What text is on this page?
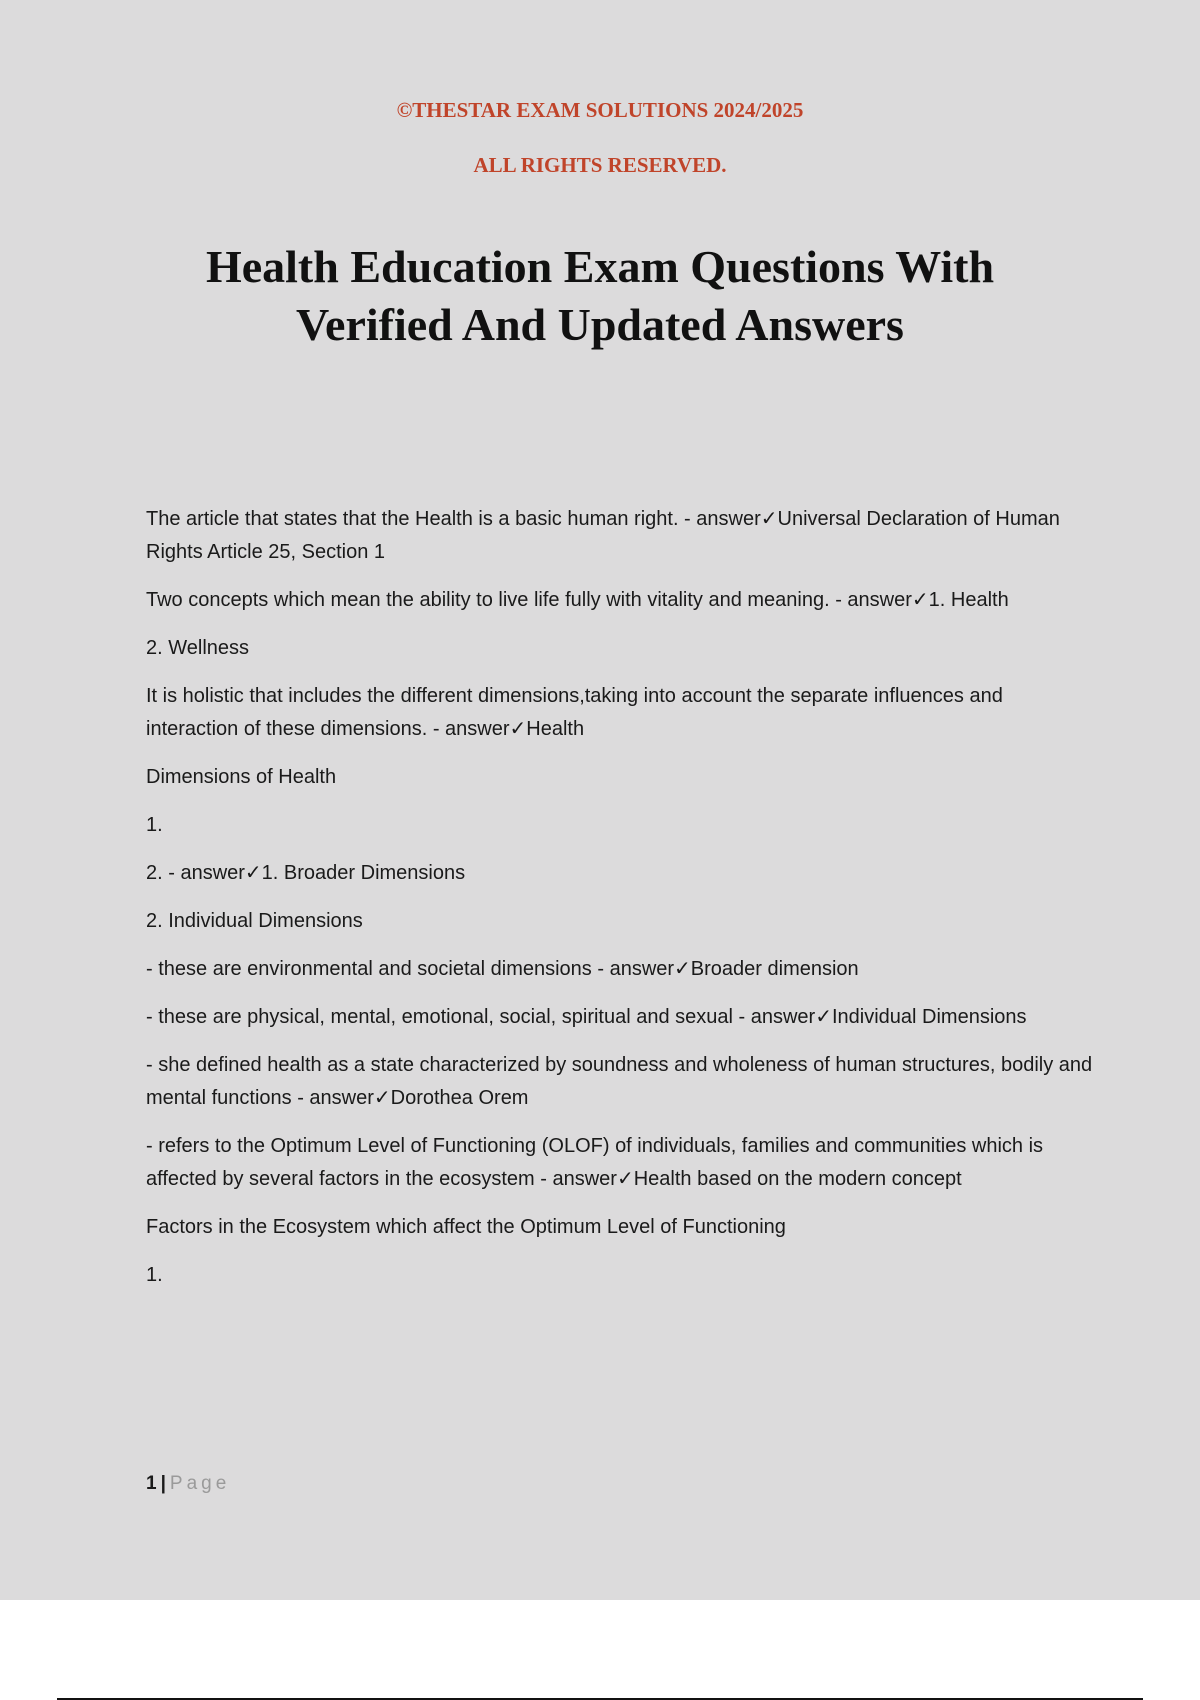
©THESTAR EXAM SOLUTIONS 2024/2025
ALL RIGHTS RESERVED.
Health Education Exam Questions With
Verified And Updated Answers

The article that states that the Health is a basic human right. - answer✓Universal Declaration of Human Rights Article 25, Section 1

Two concepts which mean the ability to live life fully with vitality and meaning. - answer✓1. Health

2. Wellness

It is holistic that includes the different dimensions,taking into account the separate influences and interaction of these dimensions. - answer✓Health

Dimensions of Health

1.

2. - answer✓1. Broader Dimensions

2. Individual Dimensions

- these are environmental and societal dimensions - answer✓Broader dimension

- these are physical, mental, emotional, social, spiritual and sexual - answer✓Individual Dimensions

- she defined health as a state characterized by soundness and wholeness of human structures, bodily and mental functions - answer✓Dorothea Orem

- refers to the Optimum Level of Functioning (OLOF) of individuals, families and communities which is affected by several factors in the ecosystem - answer✓Health based on the modern concept

Factors in the Ecosystem which affect the Optimum Level of Functioning

1.

1 | Page
